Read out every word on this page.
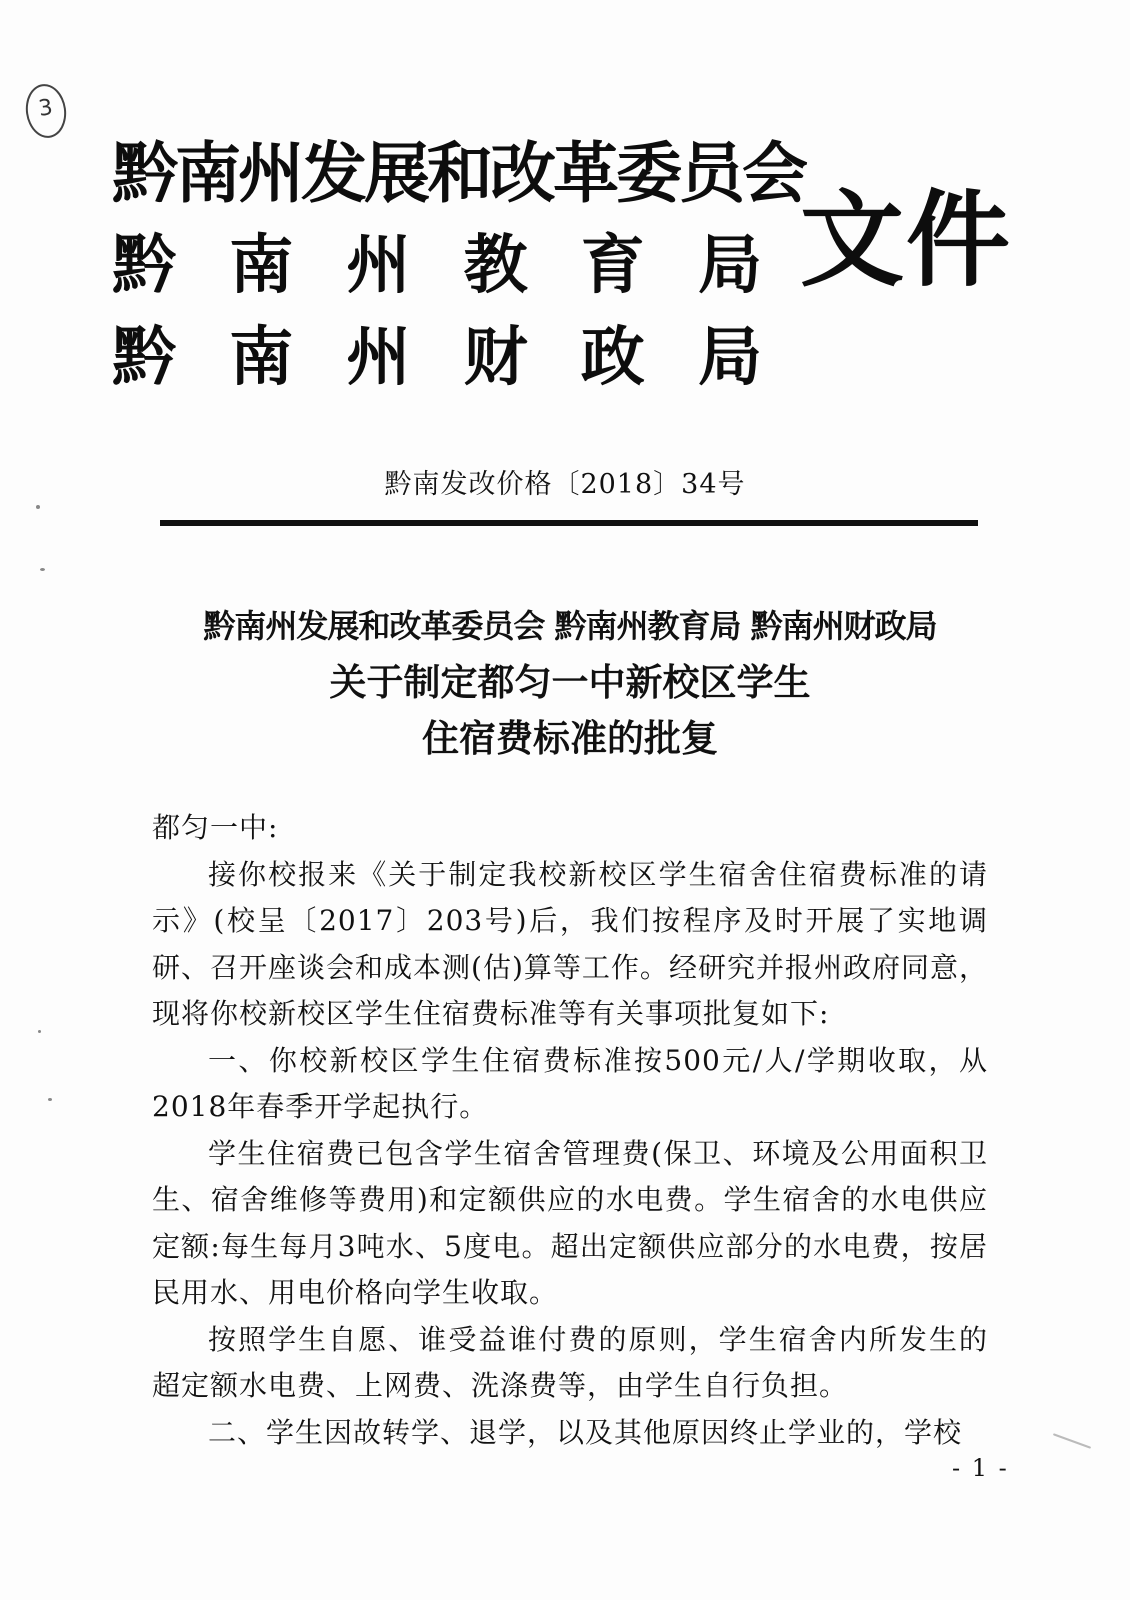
3
黔南州发展和改革委员会
黔 南 州 教 育 局
黔 南 州 财 政 局
文件
黔南发改价格〔2018〕34号
黔南州发展和改革委员会 黔南州教育局 黔南州财政局
关于制定都匀一中新校区学生
住宿费标准的批复

都匀一中:

接你校报来《关于制定我校新校区学生宿舍住宿费标准的请示》(校呈〔2017〕203号)后，我们按程序及时开展了实地调研、召开座谈会和成本测(估)算等工作。经研究并报州政府同意，现将你校新校区学生住宿费标准等有关事项批复如下:

一、你校新校区学生住宿费标准按500元/人/学期收取，从2018年春季开学起执行。

学生住宿费已包含学生宿舍管理费(保卫、环境及公用面积卫生、宿舍维修等费用)和定额供应的水电费。学生宿舍的水电供应定额:每生每月3吨水、5度电。超出定额供应部分的水电费，按居民用水、用电价格向学生收取。

按照学生自愿、谁受益谁付费的原则，学生宿舍内所发生的超定额水电费、上网费、洗涤费等，由学生自行负担。

二、学生因故转学、退学，以及其他原因终止学业的，学校

- 1 -
